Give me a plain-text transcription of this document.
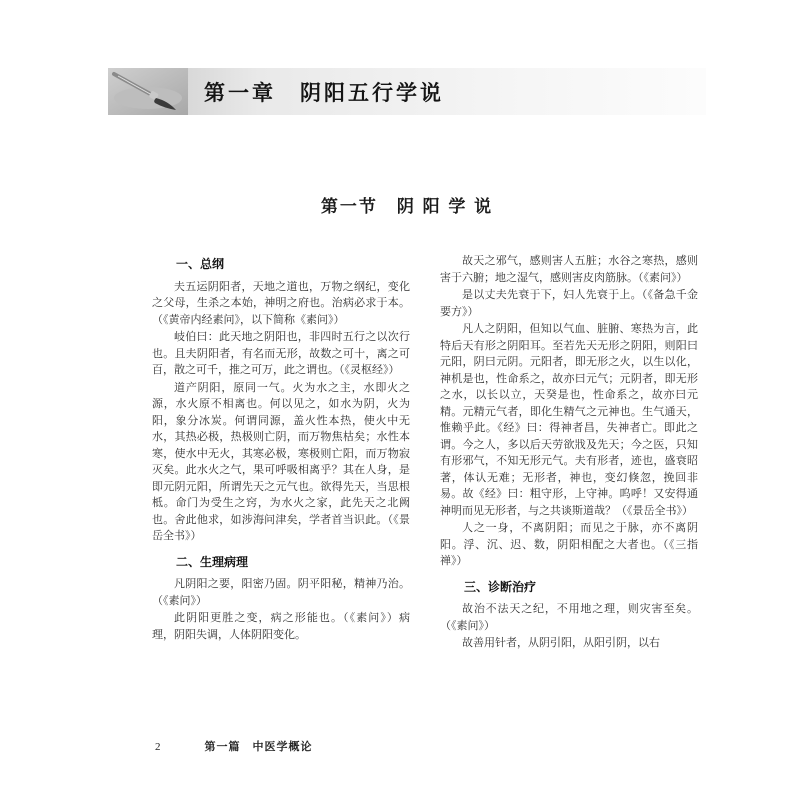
第一章　阴阳五行学说
第一节　阴 阳 学 说
一、总纲

夫五运阴阳者，天地之道也，万物之纲纪，变化之父母，生杀之本始，神明之府也。治病必求于本。（《黄帝内经素问》，以下简称《素问》）

岐伯曰：此天地之阴阳也，非四时五行之以次行也。且夫阴阳者，有名而无形，故数之可十，离之可百，散之可千，推之可万，此之谓也。（《灵枢经》）

道产阴阳，原同一气。火为水之主，水即火之源，水火原不相离也。何以见之，如水为阴，火为阳，象分冰炭。何谓同源，盖火性本热，使火中无水，其热必极，热极则亡阴，而万物焦枯矣；水性本寒，使水中无火，其寒必极，寒极则亡阳，而万物寂灭矣。此水火之气，果可呼吸相离乎？其在人身，是即元阴元阳，所谓先天之元气也。欲得先天，当思根柢。命门为受生之窍，为水火之家，此先天之北阙也。舍此他求，如涉海问津矣，学者首当识此。（《景岳全书》）

二、生理病理

凡阴阳之要，阳密乃固。阴平阳秘，精神乃治。（《素问》）

此阴阳更胜之变，病之形能也。（《素问》）病理，阴阳失调，人体阴阳变化。

故天之邪气，感则害人五脏；水谷之寒热，感则害于六腑；地之湿气，感则害皮肉筋脉。（《素问》）

是以丈夫先衰于下，妇人先衰于上。（《备急千金要方》）

凡人之阴阳，但知以气血、脏腑、寒热为言，此特后天有形之阴阳耳。至若先天无形之阴阳，则阳曰元阳，阴曰元阴。元阳者，即无形之火，以生以化，神机是也，性命系之，故亦曰元气；元阴者，即无形之水，以长以立，天癸是也，性命系之，故亦曰元精。元精元气者，即化生精气之元神也。生气通天，惟赖乎此。《经》曰：得神者昌，失神者亡。即此之谓。今之人，多以后天劳欲戕及先天；今之医，只知有形邪气，不知无形元气。夫有形者，迹也，盛衰昭著，体认无难；无形者，神也，变幻倏忽，挽回非易。故《经》曰：粗守形，上守神。呜呼！又安得通神明而见无形者，与之共谈斯道哉？（《景岳全书》）

人之一身，不离阴阳；而见之于脉，亦不离阴阳。浮、沉、迟、数，阴阳相配之大者也。（《三指禅》）

三、诊断治疗

故治不法天之纪，不用地之理，则灾害至矣。（《素问》）

故善用针者，从阴引阳，从阳引阴，以右

2	第一篇　中医学概论
